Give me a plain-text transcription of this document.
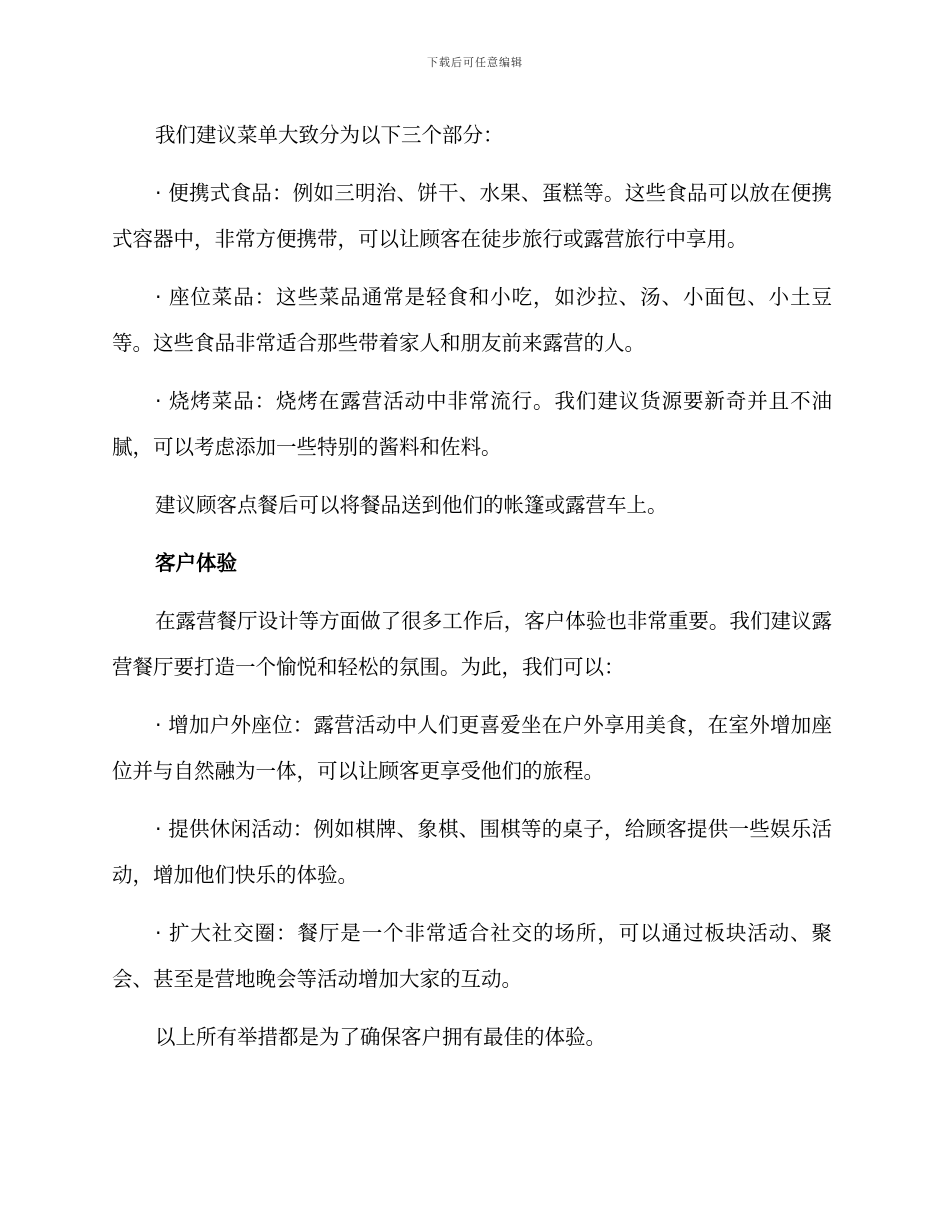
下载后可任意编辑

我们建议菜单大致分为以下三个部分：

· 便携式食品：例如三明治、饼干、水果、蛋糕等。这些食品可以放在便携式容器中，非常方便携带，可以让顾客在徒步旅行或露营旅行中享用。

· 座位菜品：这些菜品通常是轻食和小吃，如沙拉、汤、小面包、小土豆等。这些食品非常适合那些带着家人和朋友前来露营的人。

· 烧烤菜品：烧烤在露营活动中非常流行。我们建议货源要新奇并且不油腻，可以考虑添加一些特别的酱料和佐料。

建议顾客点餐后可以将餐品送到他们的帐篷或露营车上。

客户体验

在露营餐厅设计等方面做了很多工作后，客户体验也非常重要。我们建议露营餐厅要打造一个愉悦和轻松的氛围。为此，我们可以：

· 增加户外座位：露营活动中人们更喜爱坐在户外享用美食，在室外增加座位并与自然融为一体，可以让顾客更享受他们的旅程。

· 提供休闲活动：例如棋牌、象棋、围棋等的桌子，给顾客提供一些娱乐活动，增加他们快乐的体验。

· 扩大社交圈：餐厅是一个非常适合社交的场所，可以通过板块活动、聚会、甚至是营地晚会等活动增加大家的互动。

以上所有举措都是为了确保客户拥有最佳的体验。
